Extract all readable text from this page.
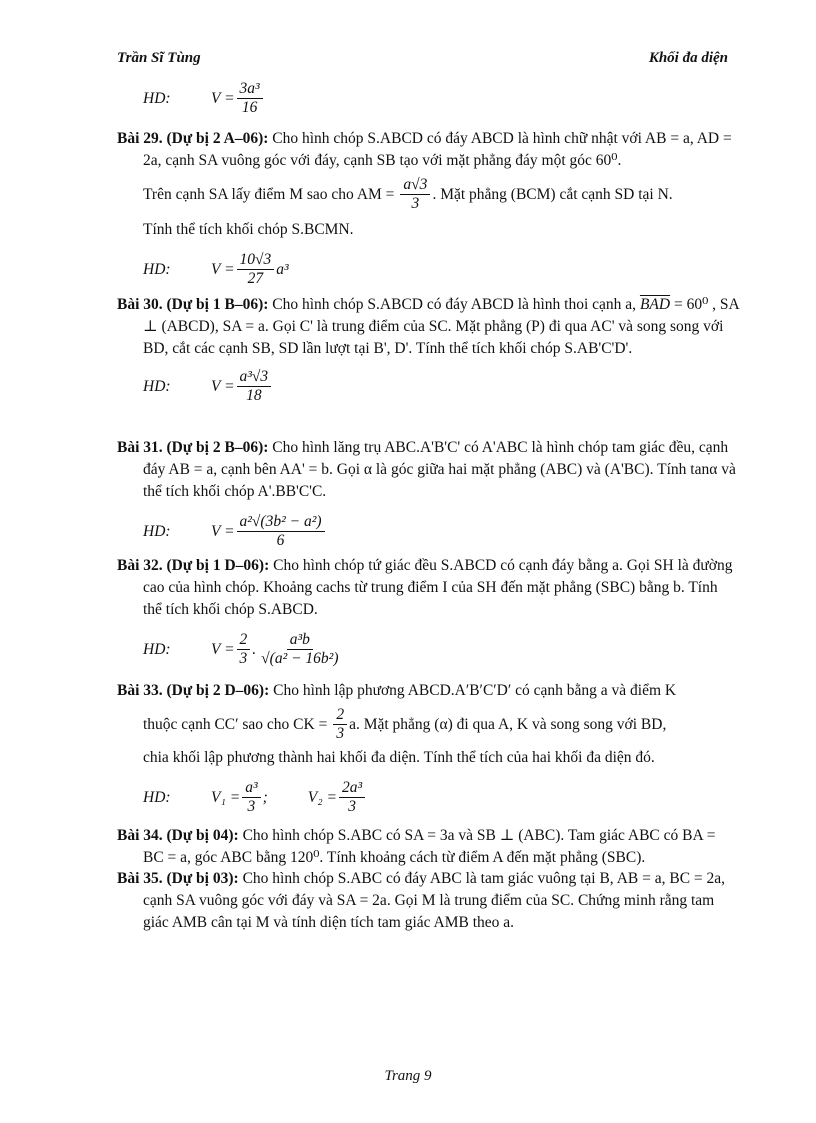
Trần Sĩ Tùng	Khối đa diện
HD:	$V = \frac{\text{3a³}}{16}$
Bài 29. (Dự bị 2 A–06): Cho hình chóp S.ABCD có đáy ABCD là hình chữ nhật với AB = a, AD = 2a, cạnh SA vuông góc với đáy, cạnh SB tạo với mặt phẳng đáy một góc 60⁰.
Trên cạnh SA lấy điểm M sao cho AM = $\frac{a√3}{3}$ . Mặt phẳng (BCM) cắt cạnh SD tại N.
Tính thể tích khối chóp S.BCMN.
HD:	$V = \frac{10√3}{27} a^3$
Bài 30. (Dự bị 1 B–06): Cho hình chóp S.ABCD có đáy ABCD là hình thoi cạnh a, $\overline{BAD} = 60^0$ , SA ⊥ (ABCD), SA = a. Gọi C' là trung điểm của SC. Mặt phẳng (P) đi qua AC' và song song với BD, cắt các cạnh SB, SD lần lượt tại B', D'. Tính thể tích khối chóp S.AB'C'D'.
HD:	$V = \frac{\text{a³√3}}{18}$
Bài 31. (Dự bị 2 B–06): Cho hình lăng trụ ABC.A'B'C' có A'ABC là hình chóp tam giác đều, cạnh đáy AB = a, cạnh bên AA' = b. Gọi α là góc giữa hai mặt phẳng (ABC) và (A'BC). Tính tanα và thể tích khối chóp A'.BB'C'C.
HD:	$V = \frac{\text{a²√(3b² − a²)}}{6}$
Bài 32. (Dự bị 1 D–06): Cho hình chóp tứ giác đều S.ABCD có cạnh đáy bằng a. Gọi SH là đường cao của hình chóp. Khoảng cachs từ trung điểm I của SH đến mặt phẳng (SBC) bằng b. Tính thể tích khối chóp S.ABCD.
HD:	$V = \frac{2}{3}$ . $\frac{\text{a³b}}{\text{√(a² − 16b²)}}$
Bài 33. (Dự bị 2 D–06): Cho hình lập phương ABCD.A′B′C′D′ có cạnh bằng a và điểm K
thuộc cạnh CC′ sao cho CK = $\frac{2}{3} a$. Mặt phẳng (α) đi qua A, K và song song với BD,
chia khối lập phương thành hai khối đa diện. Tính thể tích của hai khối đa diện đó.
HD:	$V_1 = \frac{\text{a³}}{3}$ ;	$V_2 = \frac{\text{2a³}}{3}$
Bài 34. (Dự bị 04): Cho hình chóp S.ABC có SA = 3a và SB ⊥ (ABC). Tam giác ABC có BA = BC = a, góc ABC bằng 120⁰. Tính khoảng cách từ điểm A đến mặt phẳng (SBC).
Bài 35. (Dự bị 03): Cho hình chóp S.ABC có đáy ABC là tam giác vuông tại B, AB = a, BC = 2a, cạnh SA vuông góc với đáy và SA = 2a. Gọi M là trung điểm của SC. Chứng minh rằng tam giác AMB cân tại M và tính diện tích tam giác AMB theo a.
Trang 9
